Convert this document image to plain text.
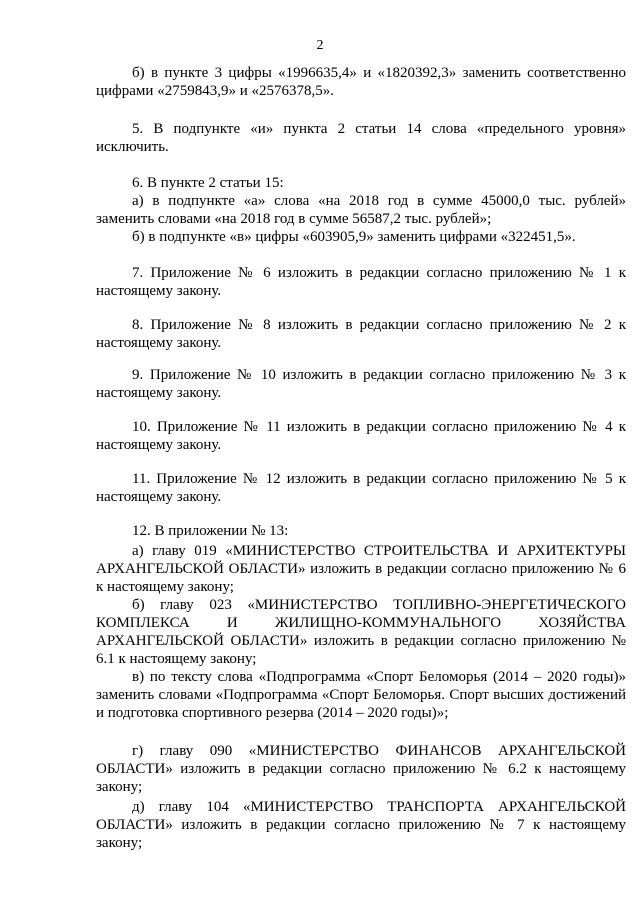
2
б) в пункте 3 цифры «1996635,4» и «1820392,3» заменить соответственно цифрами «2759843,9» и «2576378,5».
5. В подпункте «и» пункта 2 статьи 14 слова «предельного уровня» исключить.
6. В пункте 2 статьи 15:
а) в подпункте «а» слова «на 2018 год в сумме 45000,0 тыс. рублей» заменить словами «на 2018 год в сумме 56587,2 тыс. рублей»;
б) в подпункте «в» цифры «603905,9» заменить цифрами «322451,5».
7. Приложение № 6 изложить в редакции согласно приложению № 1 к настоящему закону.
8. Приложение № 8 изложить в редакции согласно приложению № 2 к настоящему закону.
9. Приложение № 10 изложить в редакции согласно приложению № 3 к настоящему закону.
10. Приложение № 11 изложить в редакции согласно приложению № 4 к настоящему закону.
11. Приложение № 12 изложить в редакции согласно приложению № 5 к настоящему закону.
12. В приложении № 13:
а) главу 019 «МИНИСТЕРСТВО СТРОИТЕЛЬСТВА И АРХИТЕКТУРЫ АРХАНГЕЛЬСКОЙ ОБЛАСТИ» изложить в редакции согласно приложению № 6 к настоящему закону;
б) главу 023 «МИНИСТЕРСТВО ТОПЛИВНО-ЭНЕРГЕТИЧЕСКОГО КОМПЛЕКСА И ЖИЛИЩНО-КОММУНАЛЬНОГО ХОЗЯЙСТВА АРХАНГЕЛЬСКОЙ ОБЛАСТИ» изложить в редакции согласно приложению № 6.1 к настоящему закону;
в) по тексту слова «Подпрограмма «Спорт Беломорья (2014 – 2020 годы)» заменить словами «Подпрограмма «Спорт Беломорья. Спорт высших достижений и подготовка спортивного резерва (2014 – 2020 годы)»;
г) главу 090 «МИНИСТЕРСТВО ФИНАНСОВ АРХАНГЕЛЬСКОЙ ОБЛАСТИ» изложить в редакции согласно приложению № 6.2 к настоящему закону;
д) главу 104 «МИНИСТЕРСТВО ТРАНСПОРТА АРХАНГЕЛЬСКОЙ ОБЛАСТИ» изложить в редакции согласно приложению № 7 к настоящему закону;
